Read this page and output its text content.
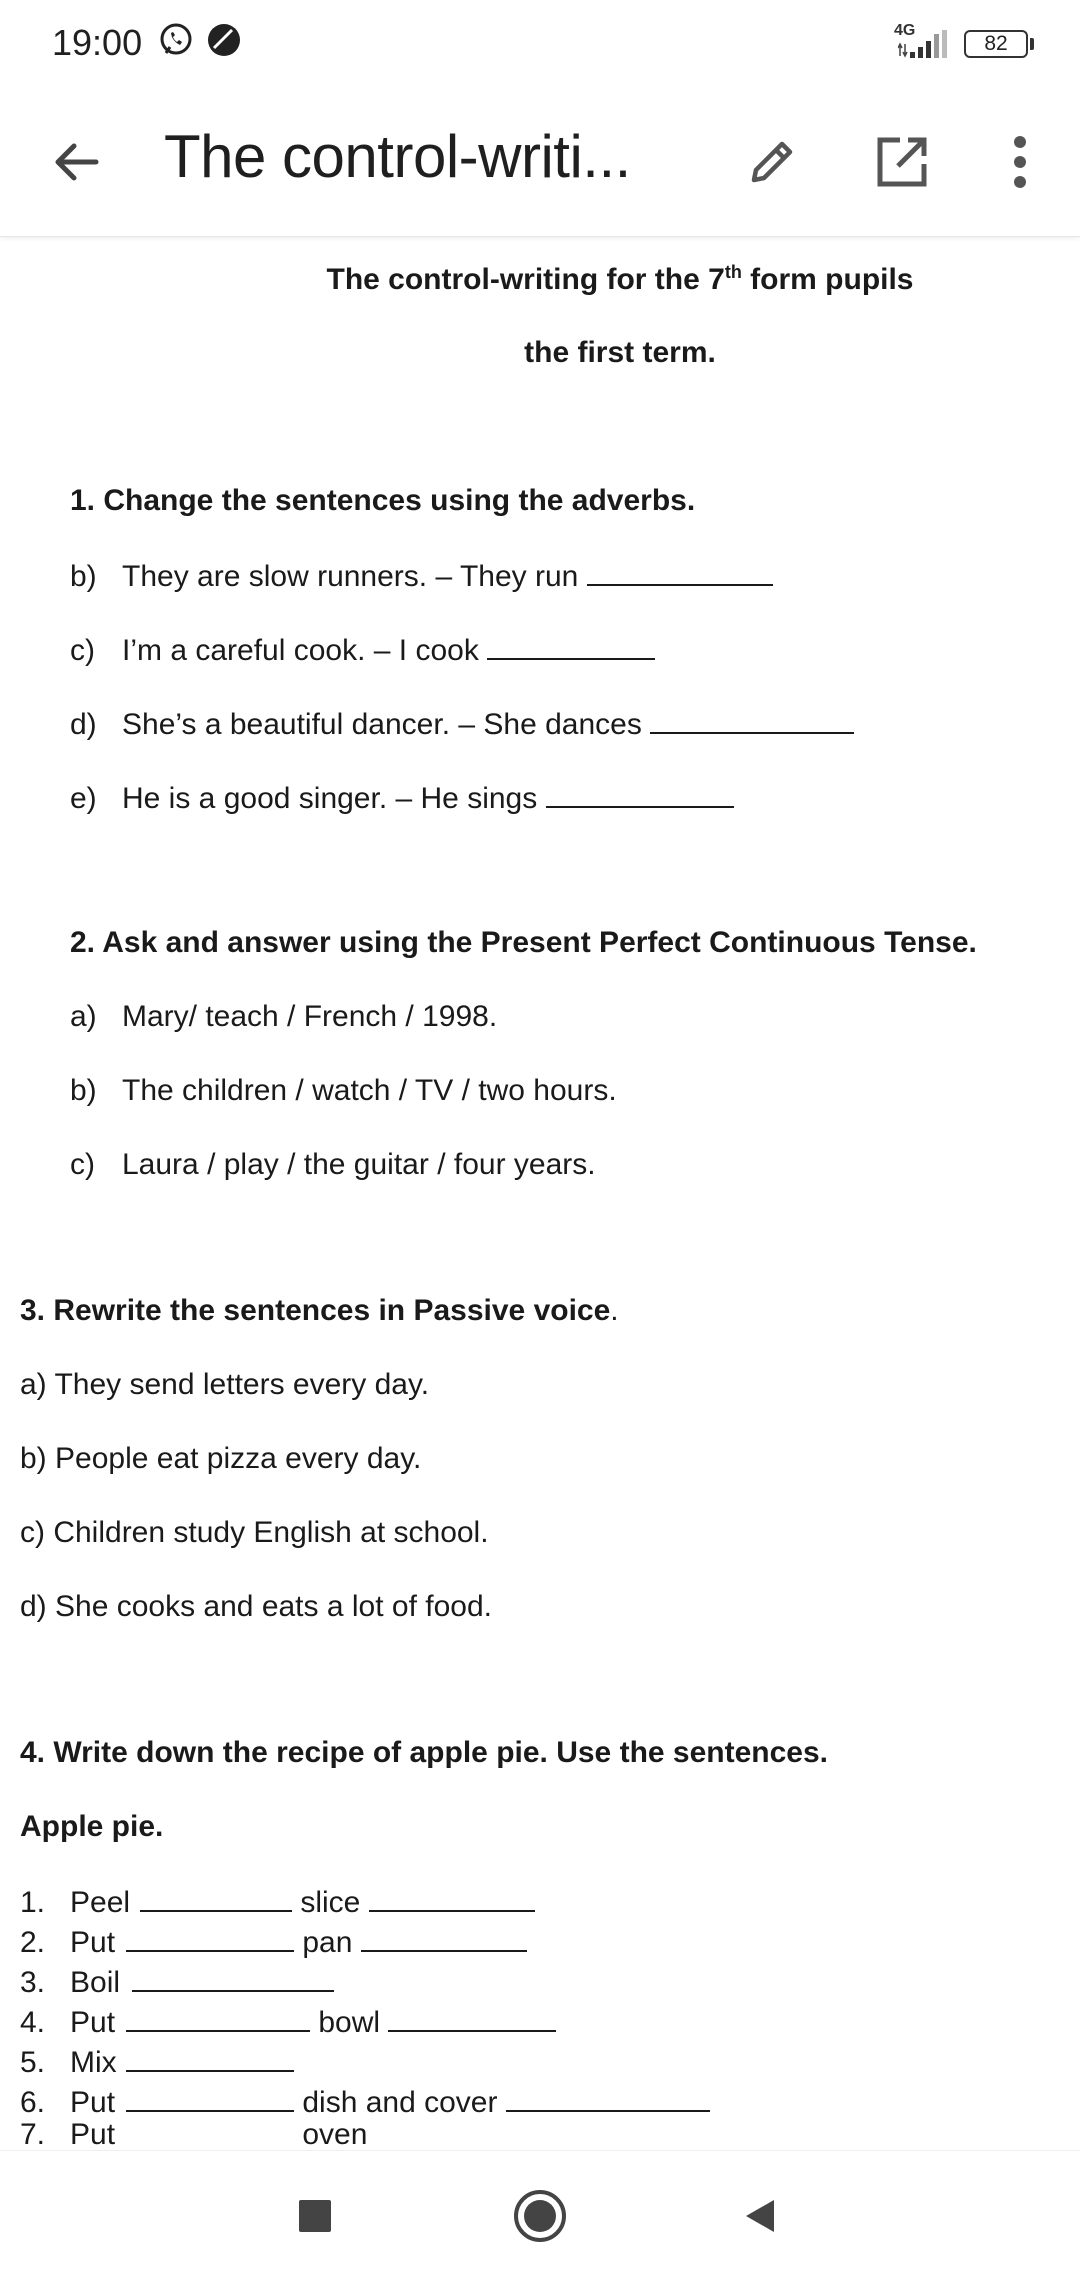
19:00	4G
82
The control-writi...
The control-writing for the 7th form pupils
the first term.
1. Change the sentences using the adverbs.
b) They are slow runners. – They run
c) I’m a careful cook. – I cook
d) She’s a beautiful dancer. – She dances
e) He is a good singer. – He sings
2. Ask and answer using the Present Perfect Continuous Tense.
a) Mary/ teach / French / 1998.
b) The children / watch / TV / two hours.
c) Laura / play / the guitar / four years.
3. Rewrite the sentences in Passive voice.
a) They send letters every day.
b) People eat pizza every day.
c) Children study English at school.
d) She cooks and eats a lot of food.
4. Write down the recipe of apple pie. Use the sentences.
Apple pie.
1. Peel	slice
2. Put	pan
3. Boil
4. Put	bowl
5. Mix
6. Put	dish and cover
7. Put	oven
